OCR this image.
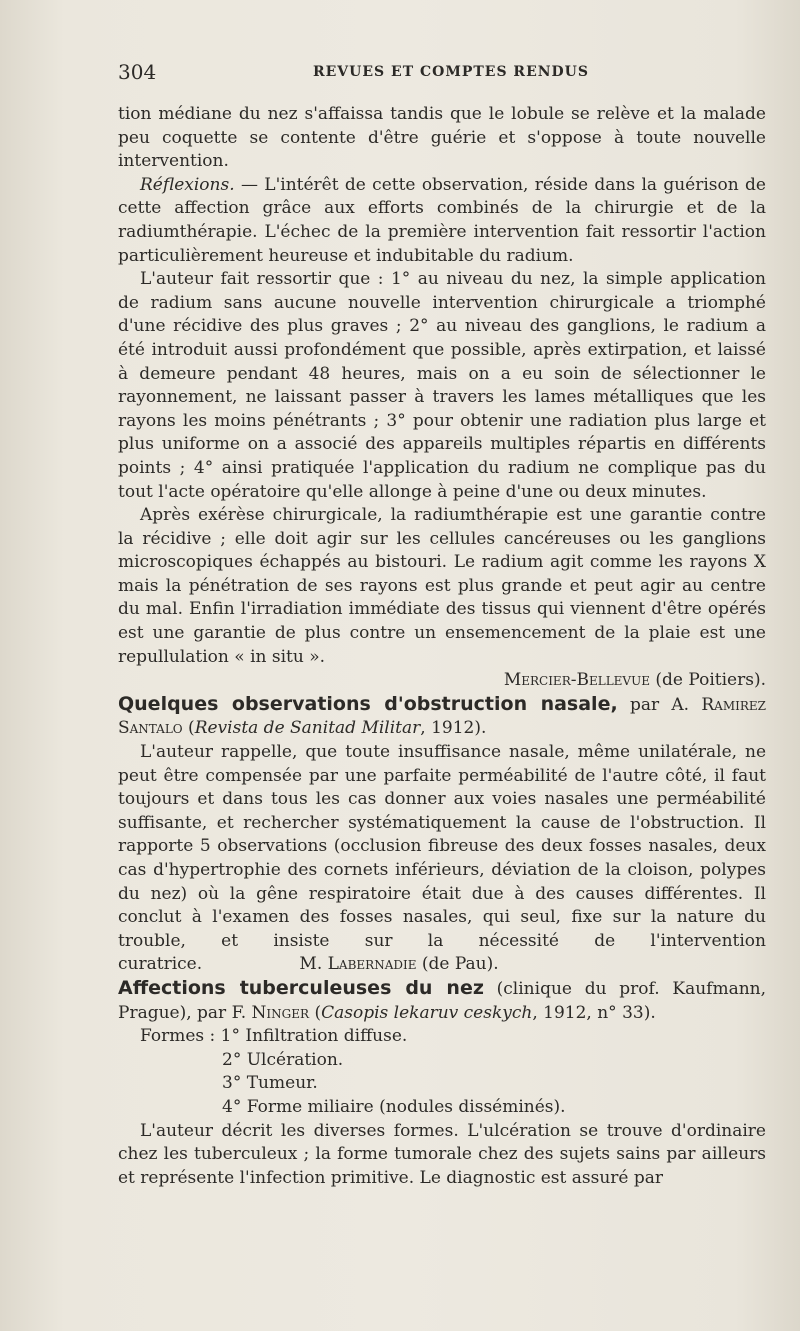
304	REVUES ET COMPTES RENDUS

tion médiane du nez s'affaissa tandis que le lobule se relève et la malade peu coquette se contente d'être guérie et s'oppose à toute nouvelle intervention.

Réflexions. — L'intérêt de cette observation, réside dans la guérison de cette affection grâce aux efforts combinés de la chirurgie et de la radiumthérapie. L'échec de la première intervention fait ressortir l'action particulièrement heureuse et indubitable du radium.

L'auteur fait ressortir que : 1° au niveau du nez, la simple application de radium sans aucune nouvelle intervention chirurgicale a triomphé d'une récidive des plus graves ; 2° au niveau des ganglions, le radium a été introduit aussi profondément que possible, après extirpation, et laissé à demeure pendant 48 heures, mais on a eu soin de sélectionner le rayonnement, ne laissant passer à travers les lames métalliques que les rayons les moins pénétrants ; 3° pour obtenir une radiation plus large et plus uniforme on a associé des appareils multiples répartis en différents points ; 4° ainsi pratiquée l'application du radium ne complique pas du tout l'acte opératoire qu'elle allonge à peine d'une ou deux minutes.

Après exérèse chirurgicale, la radiumthérapie est une garantie contre la récidive ; elle doit agir sur les cellules cancéreuses ou les ganglions microscopiques échappés au bistouri. Le radium agit comme les rayons X mais la pénétration de ses rayons est plus grande et peut agir au centre du mal. Enfin l'irradiation immédiate des tissus qui viennent d'être opérés est une garantie de plus contre un ensemencement de la plaie est une repullulation « in situ ».

Mercier-Bellevue (de Poitiers).

Quelques observations d'obstruction nasale, par A. Ramirez Santalo (Revista de Sanitad Militar, 1912).

L'auteur rappelle, que toute insuffisance nasale, même unilatérale, ne peut être compensée par une parfaite perméabilité de l'autre côté, il faut toujours et dans tous les cas donner aux voies nasales une perméabilité suffisante, et rechercher systématiquement la cause de l'obstruction. Il rapporte 5 observations (occlusion fibreuse des deux fosses nasales, deux cas d'hypertrophie des cornets inférieurs, déviation de la cloison, polypes du nez) où la gêne respiratoire était due à des causes différentes. Il conclut à l'examen des fosses nasales, qui seul, fixe sur la nature du trouble, et insiste sur la nécessité de l'intervention curatrice.	M. Labernadie (de Pau).

Affections tuberculeuses du nez (clinique du prof. Kaufmann, Prague), par F. Ninger (Casopis lekaruv ceskych, 1912, n° 33).

Formes : 1° Infiltration diffuse.

2° Ulcération.

3° Tumeur.

4° Forme miliaire (nodules disséminés).

L'auteur décrit les diverses formes. L'ulcération se trouve d'ordinaire chez les tuberculeux ; la forme tumorale chez des sujets sains par ailleurs et représente l'infection primitive. Le diagnostic est assuré par
